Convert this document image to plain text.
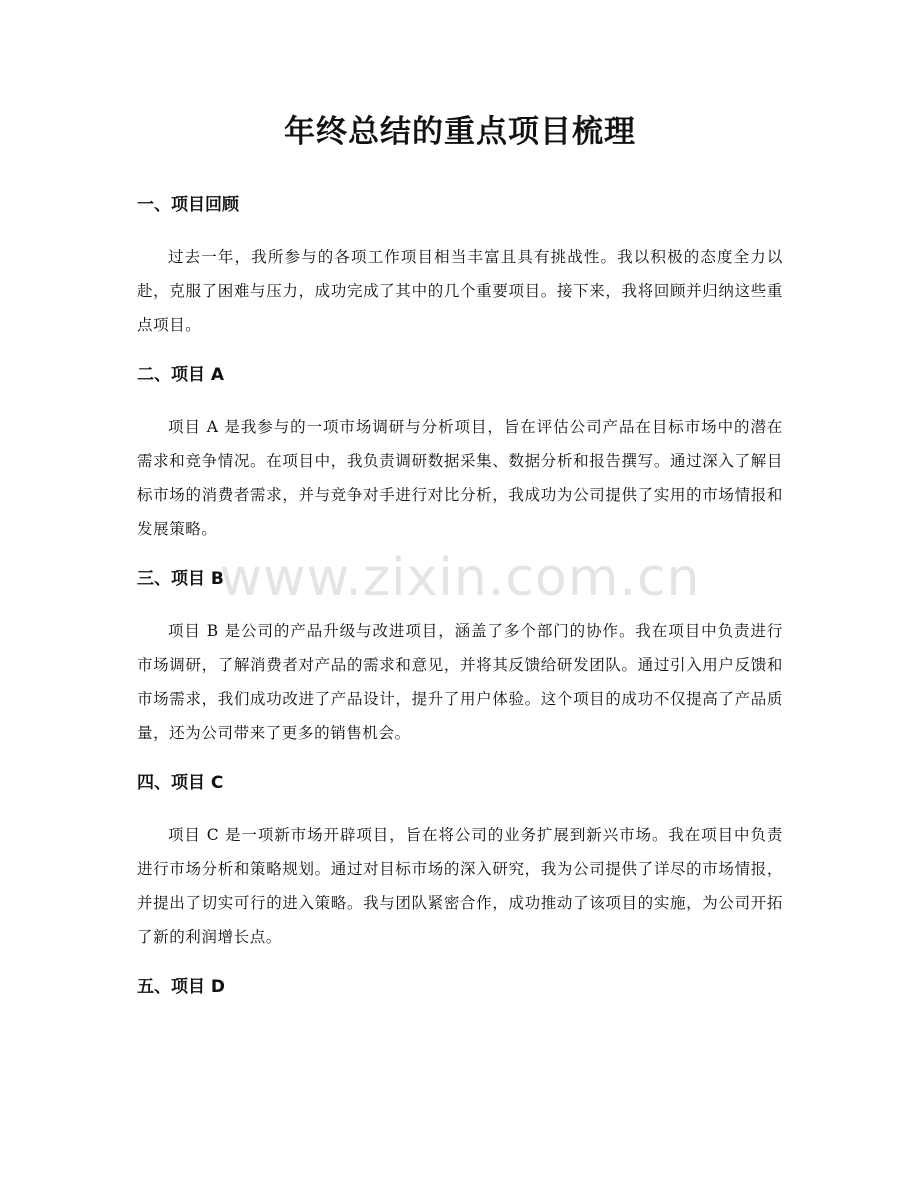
年终总结的重点项目梳理
一、项目回顾

过去一年，我所参与的各项工作项目相当丰富且具有挑战性。我以积极的态度全力以赴，克服了困难与压力，成功完成了其中的几个重要项目。接下来，我将回顾并归纳这些重点项目。

二、项目 A

项目 A 是我参与的一项市场调研与分析项目，旨在评估公司产品在目标市场中的潜在需求和竞争情况。在项目中，我负责调研数据采集、数据分析和报告撰写。通过深入了解目标市场的消费者需求，并与竞争对手进行对比分析，我成功为公司提供了实用的市场情报和发展策略。

三、项目 B

项目 B 是公司的产品升级与改进项目，涵盖了多个部门的协作。我在项目中负责进行市场调研，了解消费者对产品的需求和意见，并将其反馈给研发团队。通过引入用户反馈和市场需求，我们成功改进了产品设计，提升了用户体验。这个项目的成功不仅提高了产品质量，还为公司带来了更多的销售机会。

四、项目 C

项目 C 是一项新市场开辟项目，旨在将公司的业务扩展到新兴市场。我在项目中负责进行市场分析和策略规划。通过对目标市场的深入研究，我为公司提供了详尽的市场情报，并提出了切实可行的进入策略。我与团队紧密合作，成功推动了该项目的实施，为公司开拓了新的利润增长点。

五、项目 D
www.zixin.com.cn
